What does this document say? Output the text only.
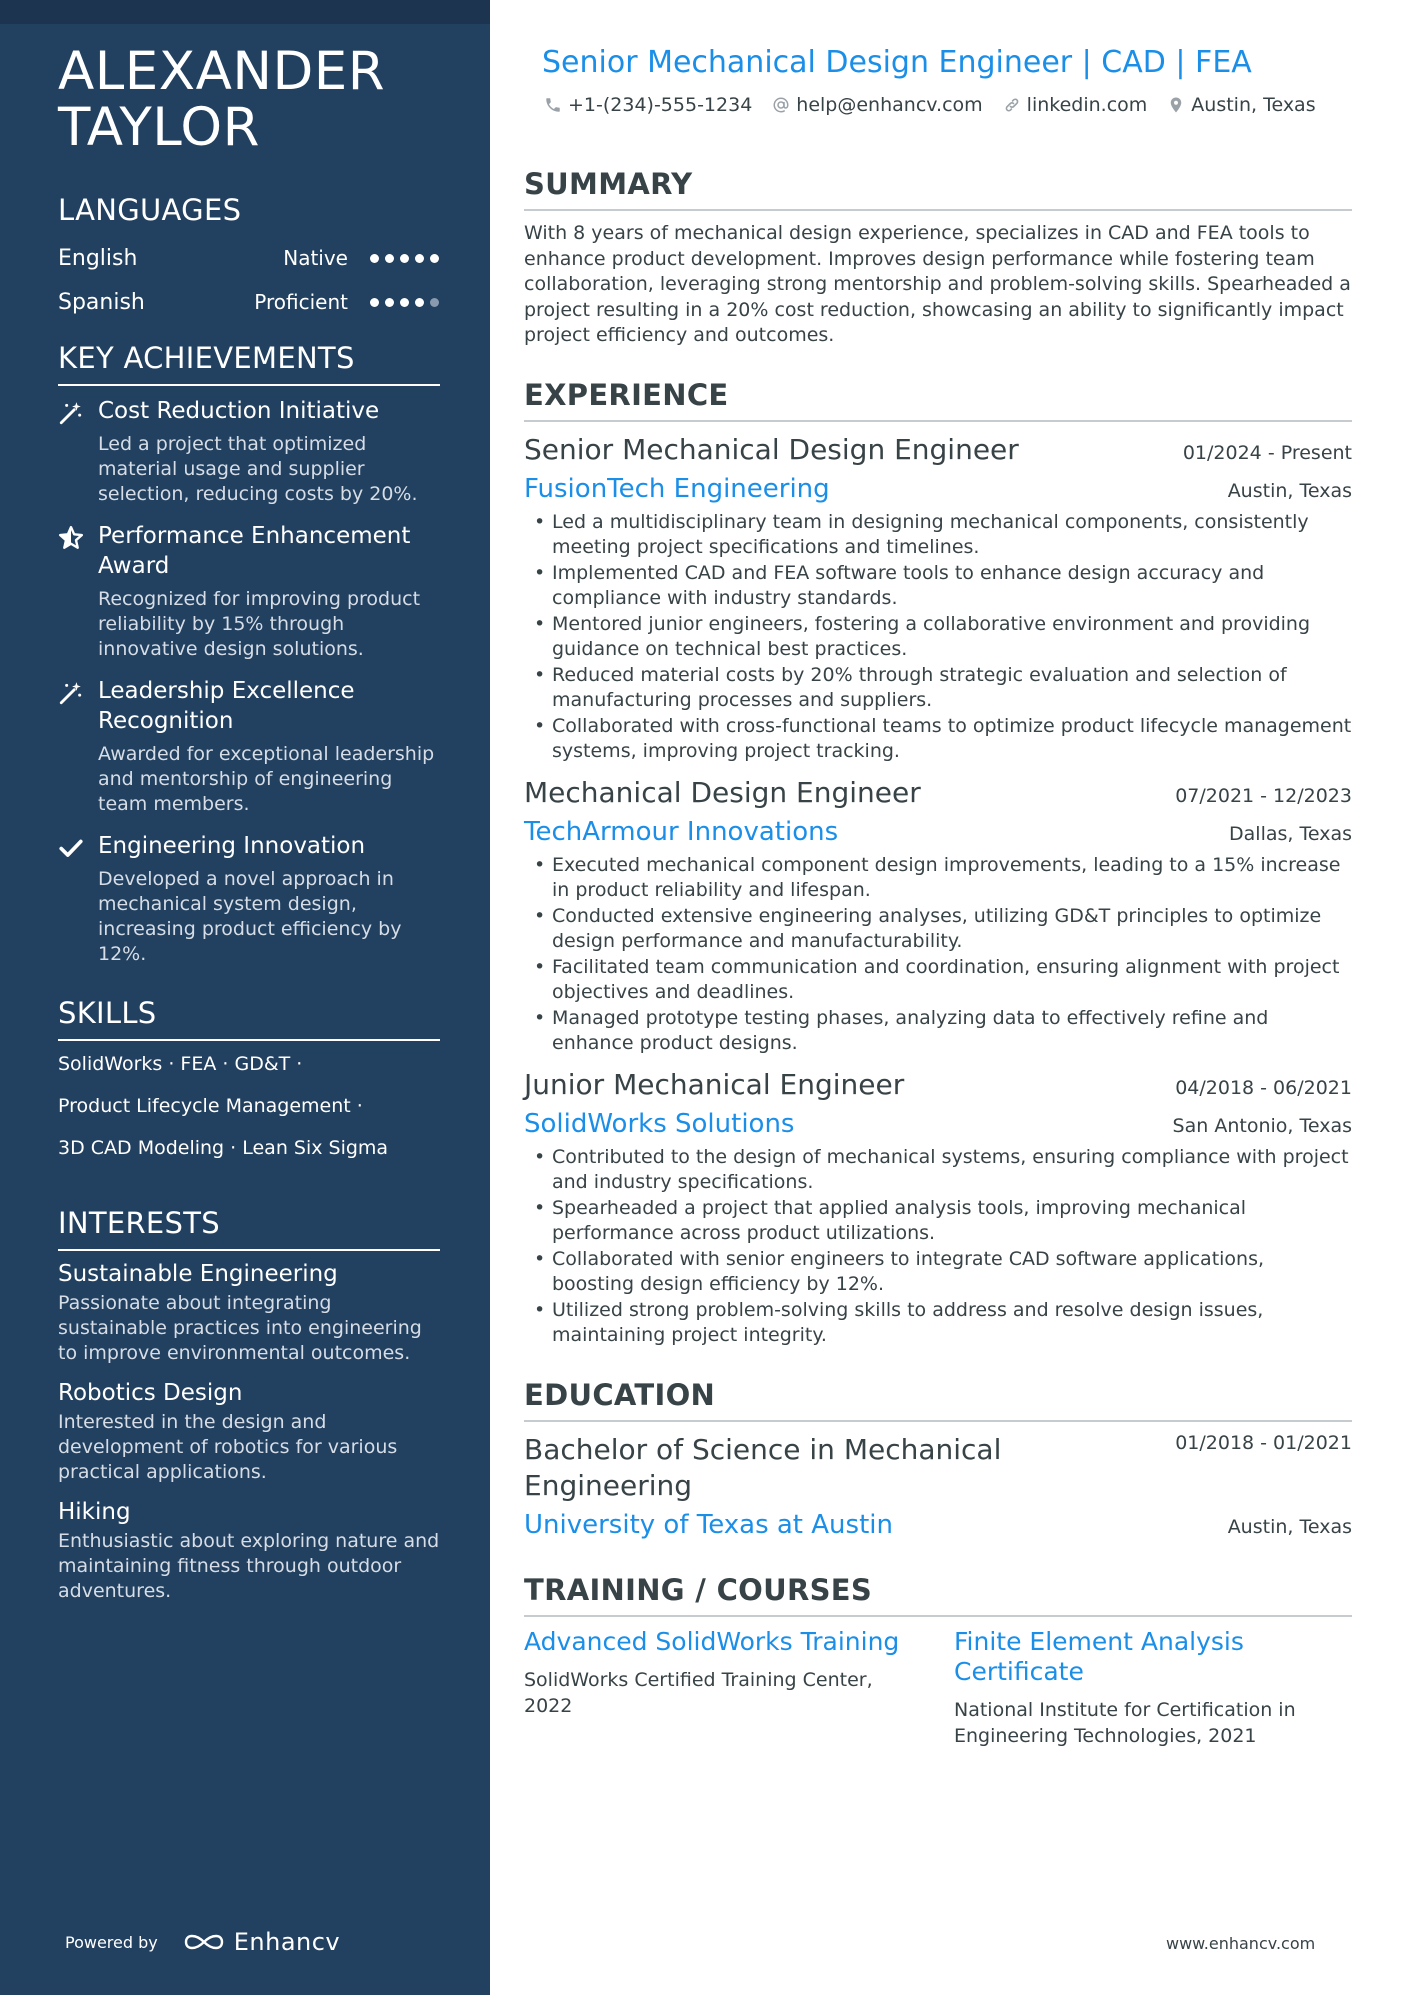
ALEXANDER
TAYLOR
LANGUAGES
English	Native
Spanish	Proficient
KEY ACHIEVEMENTS
Cost Reduction Initiative
Led a project that optimized material usage and supplier selection, reducing costs by 20%.
Performance Enhancement Award
Recognized for improving product reliability by 15% through innovative design solutions.
Leadership Excellence Recognition
Awarded for exceptional leadership and mentorship of engineering team members.
Engineering Innovation
Developed a novel approach in mechanical system design, increasing product efficiency by 12%.
SKILLS
SolidWorks · FEA · GD&T ·
Product Lifecycle Management ·
3D CAD Modeling · Lean Six Sigma
INTERESTS
Sustainable Engineering
Passionate about integrating sustainable practices into engineering to improve environmental outcomes.
Robotics Design
Interested in the design and development of robotics for various practical applications.
Hiking
Enthusiastic about exploring nature and maintaining fitness through outdoor adventures.
Powered by	Enhancv
Senior Mechanical Design Engineer | CAD | FEA
+1-(234)-555-1234 help@enhancv.com linkedin.com Austin, Texas
SUMMARY

With 8 years of mechanical design experience, specializes in CAD and FEA tools to enhance product development. Improves design performance while fostering team collaboration, leveraging strong mentorship and problem-solving skills. Spearheaded a project resulting in a 20% cost reduction, showcasing an ability to significantly impact project efficiency and outcomes.

EXPERIENCE
Senior Mechanical Design Engineer	01/2024 - Present
FusionTech Engineering	Austin, Texas
• Led a multidisciplinary team in designing mechanical components, consistently meeting project specifications and timelines.
• Implemented CAD and FEA software tools to enhance design accuracy and compliance with industry standards.
• Mentored junior engineers, fostering a collaborative environment and providing guidance on technical best practices.
• Reduced material costs by 20% through strategic evaluation and selection of manufacturing processes and suppliers.
• Collaborated with cross-functional teams to optimize product lifecycle management systems, improving project tracking.
Mechanical Design Engineer	07/2021 - 12/2023
TechArmour Innovations	Dallas, Texas
• Executed mechanical component design improvements, leading to a 15% increase in product reliability and lifespan.
• Conducted extensive engineering analyses, utilizing GD&T principles to optimize design performance and manufacturability.
• Facilitated team communication and coordination, ensuring alignment with project objectives and deadlines.
• Managed prototype testing phases, analyzing data to effectively refine and enhance product designs.
Junior Mechanical Engineer	04/2018 - 06/2021
SolidWorks Solutions	San Antonio, Texas
• Contributed to the design of mechanical systems, ensuring compliance with project and industry specifications.
• Spearheaded a project that applied analysis tools, improving mechanical performance across product utilizations.
• Collaborated with senior engineers to integrate CAD software applications, boosting design efficiency by 12%.
• Utilized strong problem-solving skills to address and resolve design issues, maintaining project integrity.
EDUCATION
Bachelor of Science in Mechanical Engineering
01/2018 - 01/2021
University of Texas at Austin	Austin, Texas
TRAINING / COURSES
Advanced SolidWorks Training
SolidWorks Certified Training Center, 2022
Finite Element Analysis Certificate
National Institute for Certification in Engineering Technologies, 2021
www.enhancv.com
